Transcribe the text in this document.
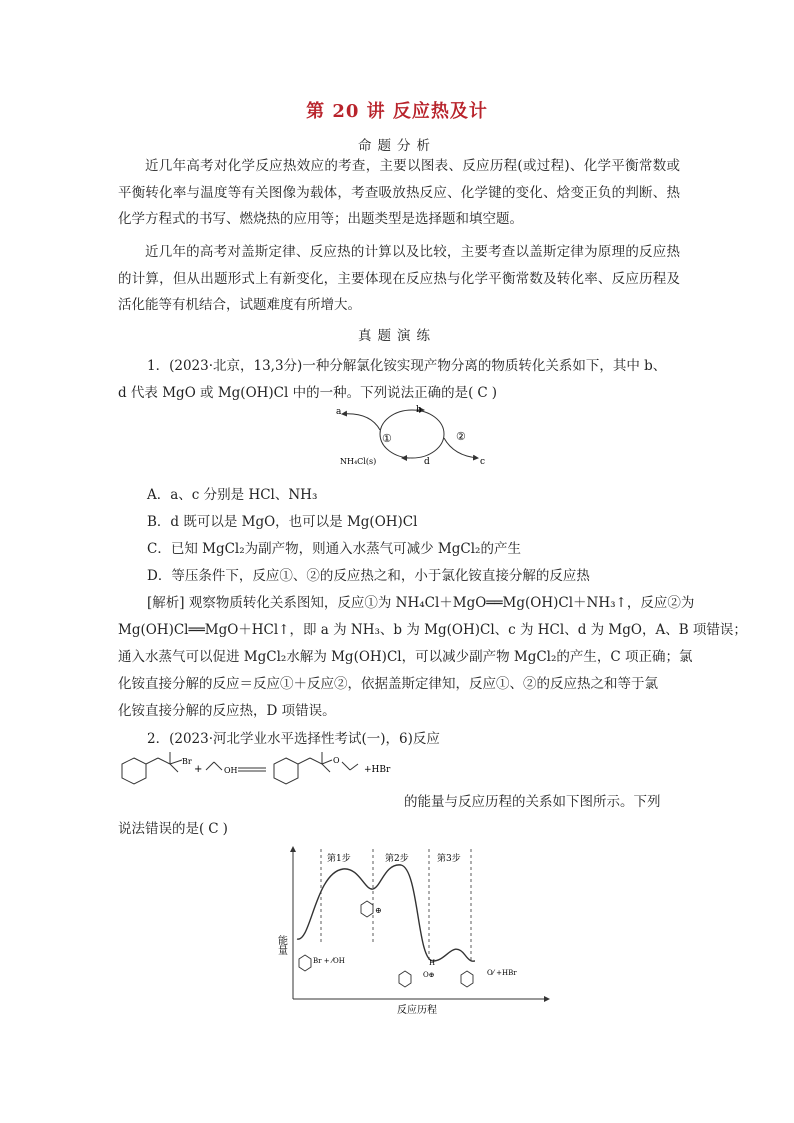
第 20 讲 反应热及计
命题分析
近几年高考对化学反应热效应的考查，主要以图表、反应历程(或过程)、化学平衡常数或平衡转化率与温度等有关图像为载体，考查吸放热反应、化学键的变化、焓变正负的判断、热化学方程式的书写、燃烧热的应用等；出题类型是选择题和填空题。
近几年的高考对盖斯定律、反应热的计算以及比较，主要考查以盖斯定律为原理的反应热的计算，但从出题形式上有新变化，主要体现在反应热与化学平衡常数及转化率、反应历程及活化能等有机结合，试题难度有所增大。
真题演练
1．(2023·北京，13,3分)一种分解氯化铵实现产物分离的物质转化关系如下，其中 b、
d 代表 MgO 或 Mg(OH)Cl 中的一种。下列说法正确的是( C )
a	b
c
d
①	②
NH₄Cl(s)
A．a、c 分别是 HCl、NH₃
B．d 既可以是 MgO，也可以是 Mg(OH)Cl
C．已知 MgCl₂为副产物，则通入水蒸气可减少 MgCl₂的产生
D．等压条件下，反应①、②的反应热之和，小于氯化铵直接分解的反应热
[解析] 观察物质转化关系图知，反应①为 NH₄Cl＋MgO══Mg(OH)Cl＋NH₃↑，反应②为
Mg(OH)Cl══MgO＋HCl↑，即 a 为 NH₃、b 为 Mg(OH)Cl、c 为 HCl、d 为 MgO，A、B 项错误；
通入水蒸气可以促进 MgCl₂水解为 Mg(OH)Cl，可以减少副产物 MgCl₂的产生，C 项正确；氯
化铵直接分解的反应＝反应①＋反应②，依据盖斯定律知，反应①、②的反应热之和等于氯
化铵直接分解的反应热，D 项错误。
2．(2023·河北学业水平选择性考试(一)，6)反应
Br
+	OH
O
+HBr
的能量与反应历程的关系如下图所示。下列
说法错误的是( C )
第1步	第2步	第3步
能量
反应历程
Br + ⁄OH
⊕
H
O⊕	O⁄ +HBr
